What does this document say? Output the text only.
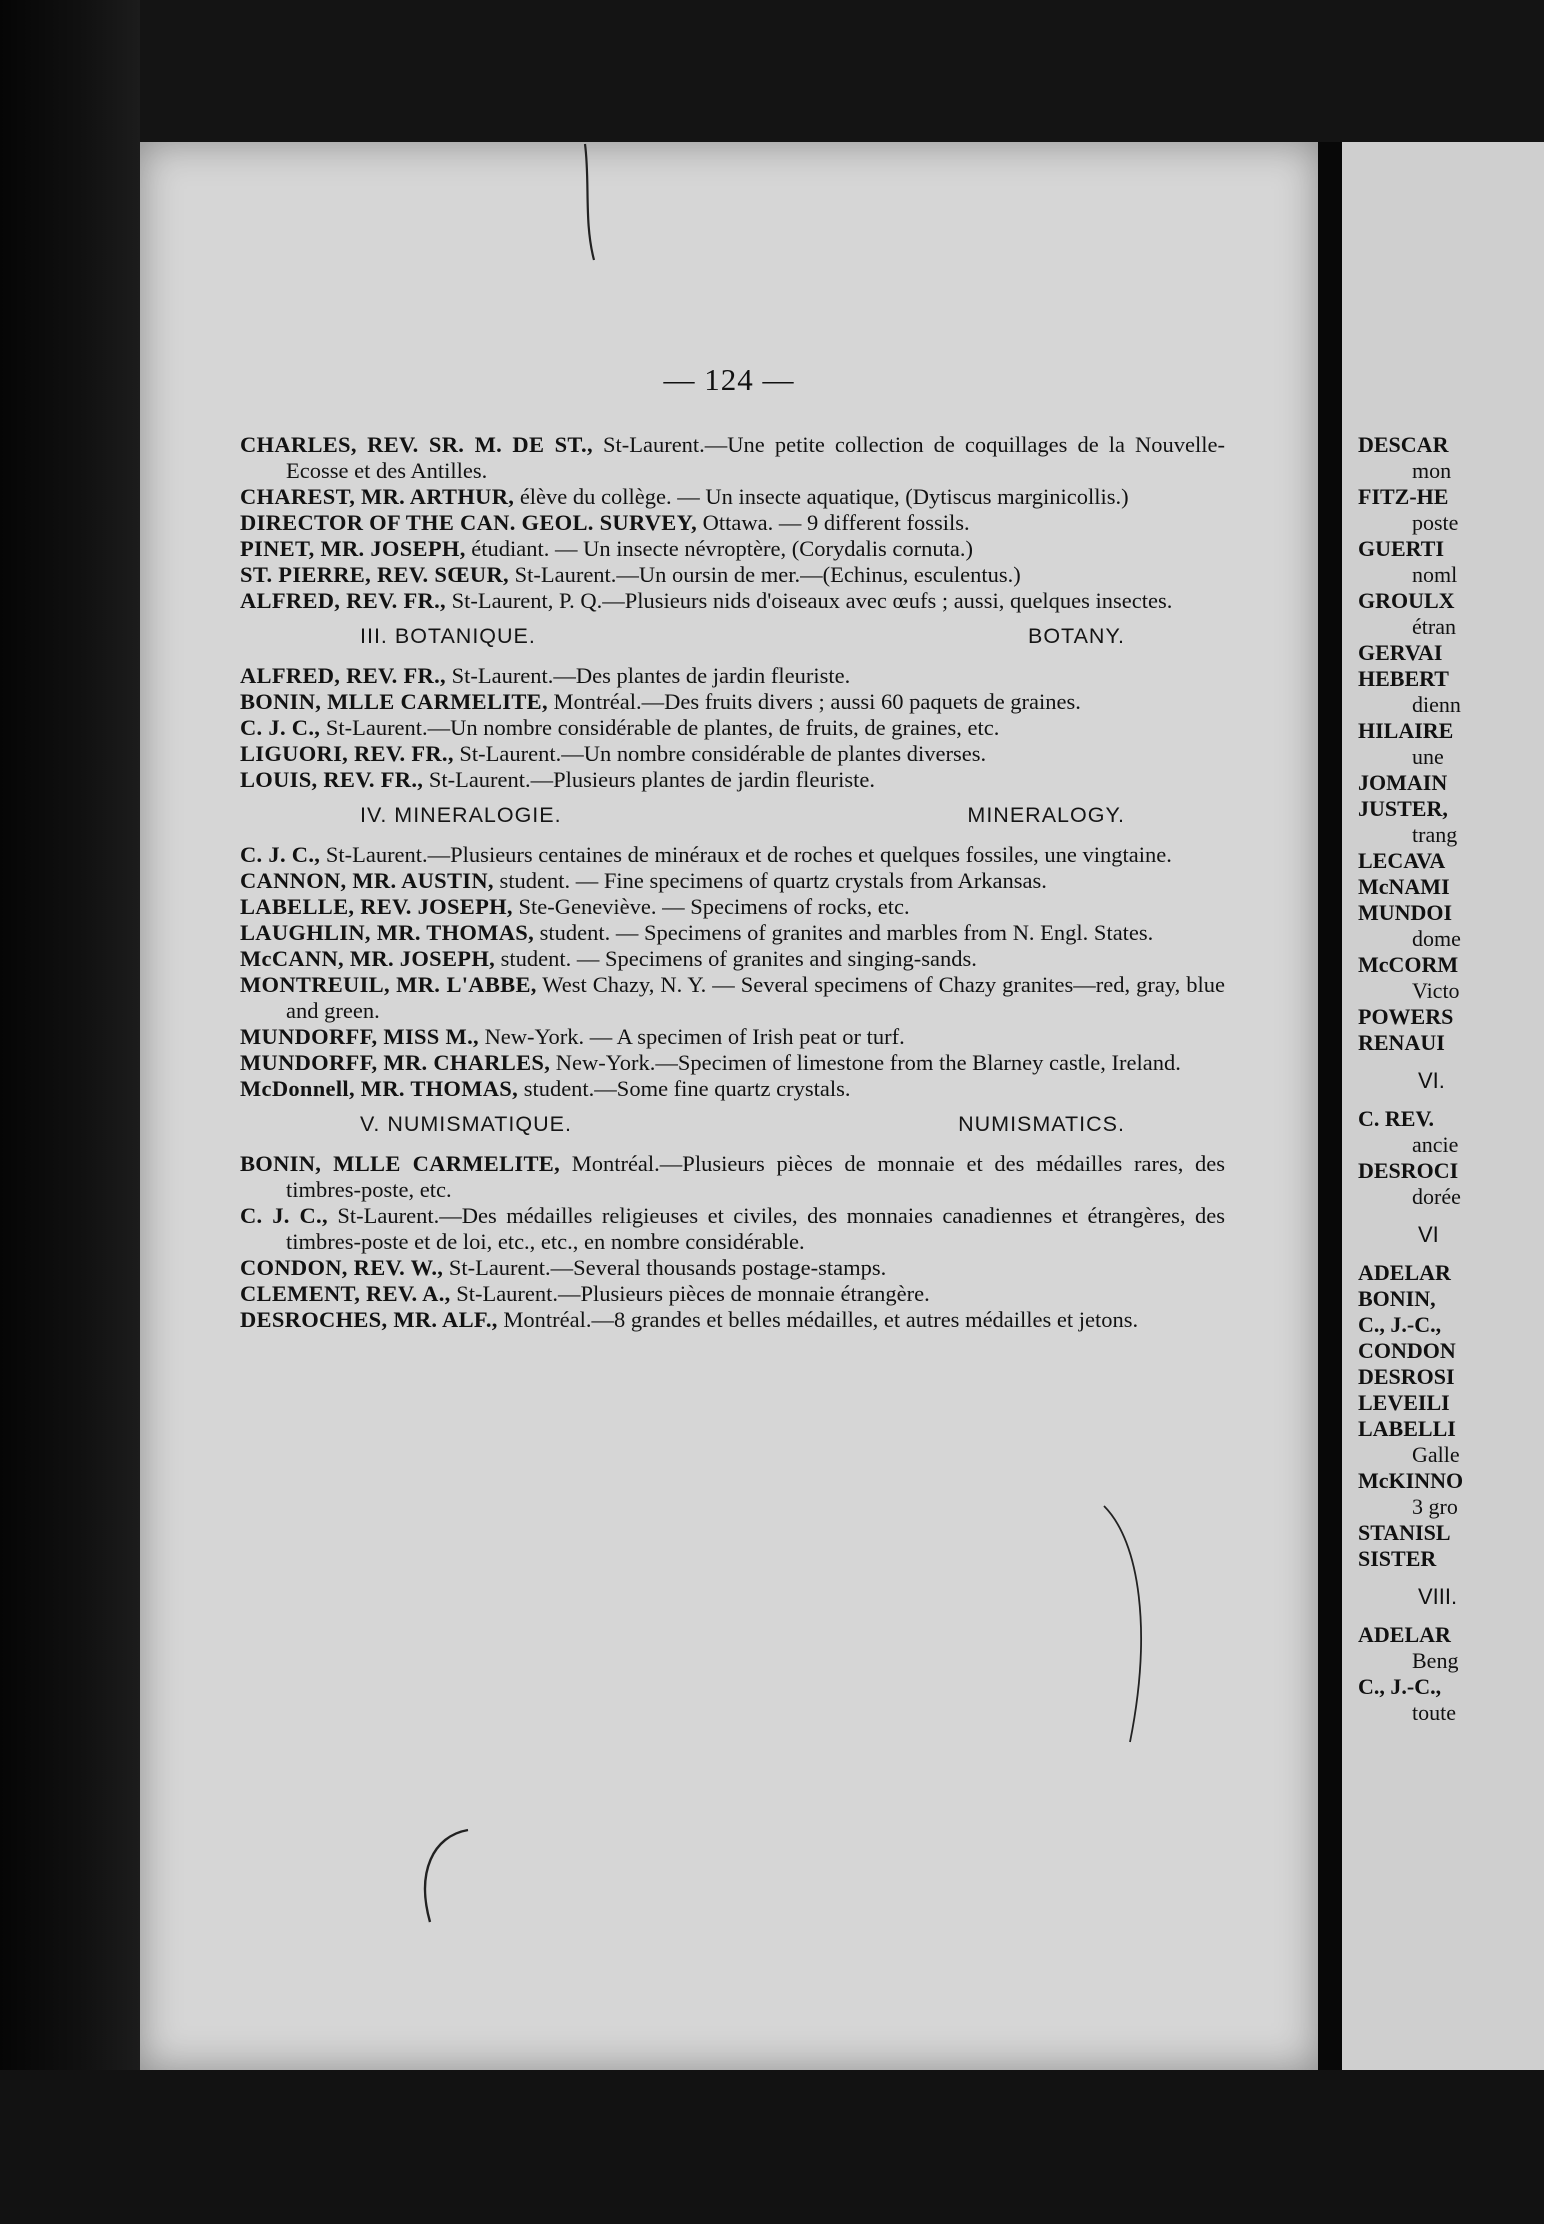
— 124 —

CHARLES, REV. SR. M. DE ST., St-Laurent.—Une petite collection de coquillages de la Nouvelle-Ecosse et des Antilles.

CHAREST, MR. ARTHUR, élève du collège. — Un insecte aquatique, (Dytiscus marginicollis.)

DIRECTOR OF THE CAN. GEOL. SURVEY, Ottawa. — 9 different fossils.

PINET, MR. JOSEPH, étudiant. — Un insecte névroptère, (Corydalis cornuta.)

ST. PIERRE, REV. SŒUR, St-Laurent.—Un oursin de mer.—(Echinus, esculentus.)

ALFRED, REV. FR., St-Laurent, P. Q.—Plusieurs nids d'oiseaux avec œufs ; aussi, quelques insectes.

III. BOTANIQUE.	BOTANY.

ALFRED, REV. FR., St-Laurent.—Des plantes de jardin fleuriste.

BONIN, MLLE CARMELITE, Montréal.—Des fruits divers ; aussi 60 paquets de graines.

C. J. C., St-Laurent.—Un nombre considérable de plantes, de fruits, de graines, etc.

LIGUORI, REV. FR., St-Laurent.—Un nombre considérable de plantes diverses.

LOUIS, REV. FR., St-Laurent.—Plusieurs plantes de jardin fleuriste.

IV. MINERALOGIE.	MINERALOGY.

C. J. C., St-Laurent.—Plusieurs centaines de minéraux et de roches et quelques fossiles, une vingtaine.

CANNON, MR. AUSTIN, student. — Fine specimens of quartz crystals from Arkansas.

LABELLE, REV. JOSEPH, Ste-Geneviève. — Specimens of rocks, etc.

LAUGHLIN, MR. THOMAS, student. — Specimens of granites and marbles from N. Engl. States.

McCANN, MR. JOSEPH, student. — Specimens of granites and singing-sands.

MONTREUIL, MR. L'ABBE, West Chazy, N. Y. — Several specimens of Chazy granites—red, gray, blue and green.

MUNDORFF, MISS M., New-York. — A specimen of Irish peat or turf.

MUNDORFF, MR. CHARLES, New-York.—Specimen of limestone from the Blarney castle, Ireland.

McDonnell, MR. THOMAS, student.—Some fine quartz crystals.

V. NUMISMATIQUE.	NUMISMATICS.

BONIN, MLLE CARMELITE, Montréal.—Plusieurs pièces de monnaie et des médailles rares, des timbres-poste, etc.

C. J. C., St-Laurent.—Des médailles religieuses et civiles, des monnaies canadiennes et étrangères, des timbres-poste et de loi, etc., etc., en nombre considérable.

CONDON, REV. W., St-Laurent.—Several thousands postage-stamps.

CLEMENT, REV. A., St-Laurent.—Plusieurs pièces de monnaie étrangère.

DESROCHES, MR. ALF., Montréal.—8 grandes et belles médailles, et autres médailles et jetons.

DESCAR
mon
FITZ-HE
poste
GUERTI
noml
GROULX
étran
GERVAI
HEBERT
dienn
HILAIRE
une
JOMAIN
JUSTER,
trang
LECAVA
McNAMI
MUNDOI
dome
McCORM
Victo
POWERS
RENAUI
VI.
C. REV.
ancie
DESROCI
dorée
VI
ADELAR
BONIN,
C., J.-C.,
CONDON
DESROSI
LEVEILI
LABELLI
Galle
McKINNO
3 gro
STANISL
SISTER
VIII.
ADELAR
Beng
C., J.-C.,
toute
